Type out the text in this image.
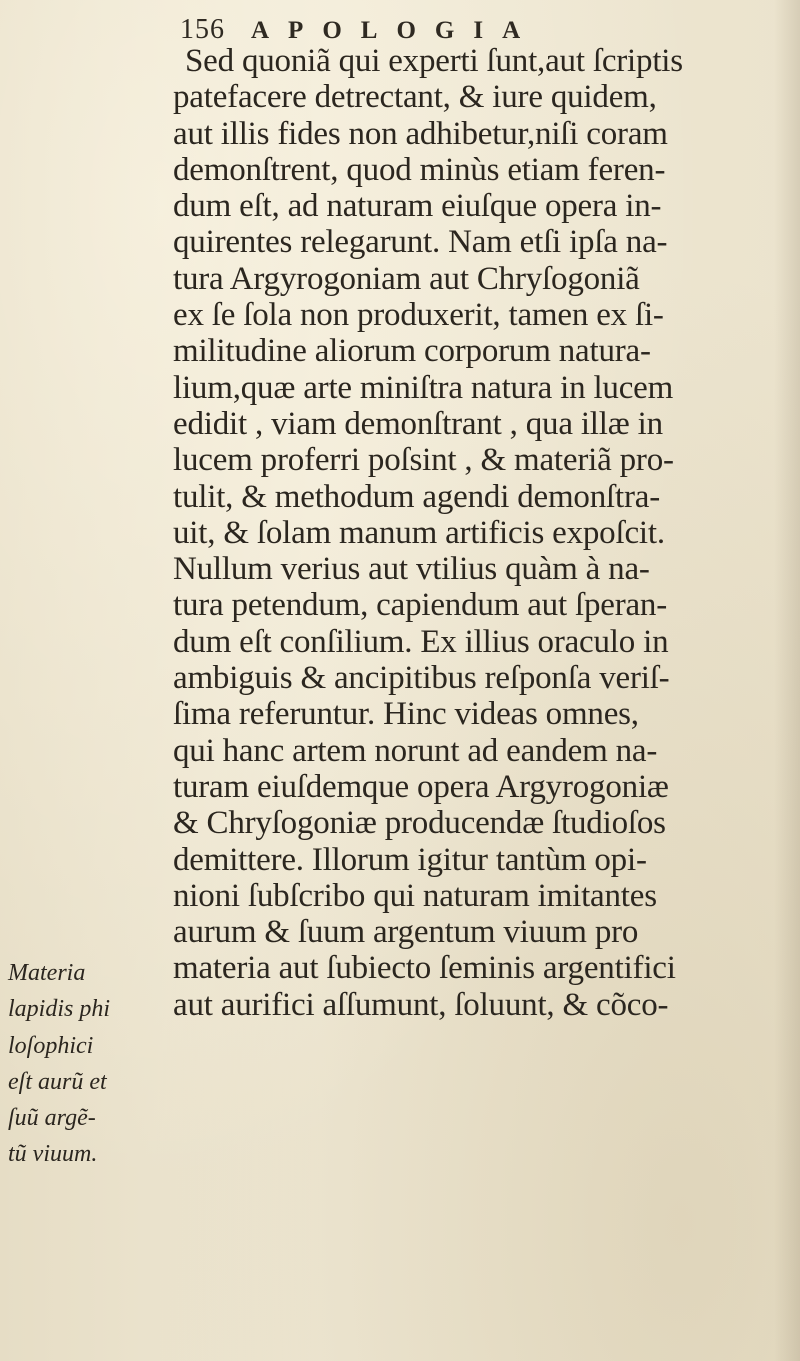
156 APOLOGIA
Sed quoniã qui experti ſunt,aut ſcriptis
patefacere detrectant, & iure quidem,
aut illis fides non adhibetur,niſi coram
demonſtrent, quod minùs etiam feren-
dum eſt, ad naturam eiuſque opera in-
quirentes relegarunt. Nam etſi ipſa na-
tura Argyrogoniam aut Chryſogoniã
ex ſe ſola non produxerit, tamen ex ſi-
militudine aliorum corporum natura-
lium,quæ arte miniſtra natura in lucem
edidit , viam demonſtrant , qua illæ in
lucem proferri poſsint , & materiã pro-
tulit, & methodum agendi demonſtra-
uit, & ſolam manum artificis expoſcit.
Nullum verius aut vtilius quàm à na-
tura petendum, capiendum aut ſperan-
dum eſt conſilium. Ex illius oraculo in
ambiguis & ancipitibus reſponſa veriſ-
ſima referuntur. Hinc videas omnes,
qui hanc artem norunt ad eandem na-
turam eiuſdemque opera Argyrogoniæ
& Chryſogoniæ producendæ ſtudioſos
demittere. Illorum igitur tantùm opi-
nioni ſubſcribo qui naturam imitantes
aurum & ſuum argentum viuum pro
materia aut ſubiecto ſeminis argentifici
aut aurifici aſſumunt, ſoluunt, & cõco-
Materia
lapidis phi
loſophici
eſt aurũ et
ſuũ argẽ-
tũ viuum.
